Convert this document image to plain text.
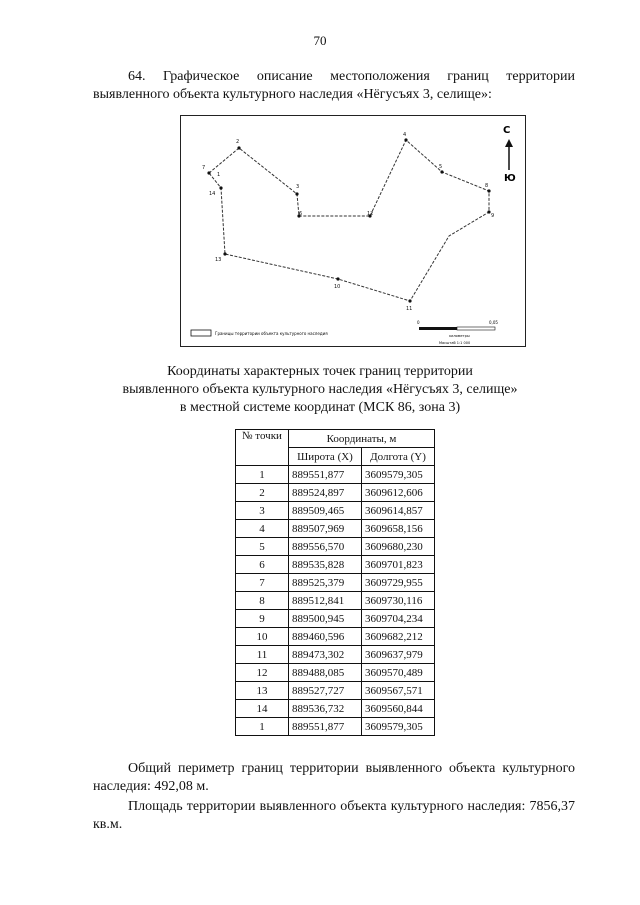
70
64. Графическое описание местоположения границ территории выявленного объекта культурного наследия «Нёгусъях 3, селище»:
1
2
3
4
5
6
7
8
9
10
11
12
13
14
С
Ю
Границы территории объекта культурного наследия
0	0,05
километры
Масштаб 1:1 000
Координаты характерных точек границ территории
выявленного объекта культурного наследия «Нёгусъях 3, селище»
в местной системе координат (МСК 86, зона 3)
№ точки	Координаты, м	
	Широта (X)	Долгота (Y)
1	889551,877	3609579,305
2	889524,897	3609612,606
3	889509,465	3609614,857
4	889507,969	3609658,156
5	889556,570	3609680,230
6	889535,828	3609701,823
7	889525,379	3609729,955
8	889512,841	3609730,116
9	889500,945	3609704,234
10	889460,596	3609682,212
11	889473,302	3609637,979
12	889488,085	3609570,489
13	889527,727	3609567,571
14	889536,732	3609560,844
1	889551,877	3609579,305
Общий периметр границ территории выявленного объекта культурного наследия: 492,08 м.
Площадь территории выявленного объекта культурного наследия: 7856,37 кв.м.
